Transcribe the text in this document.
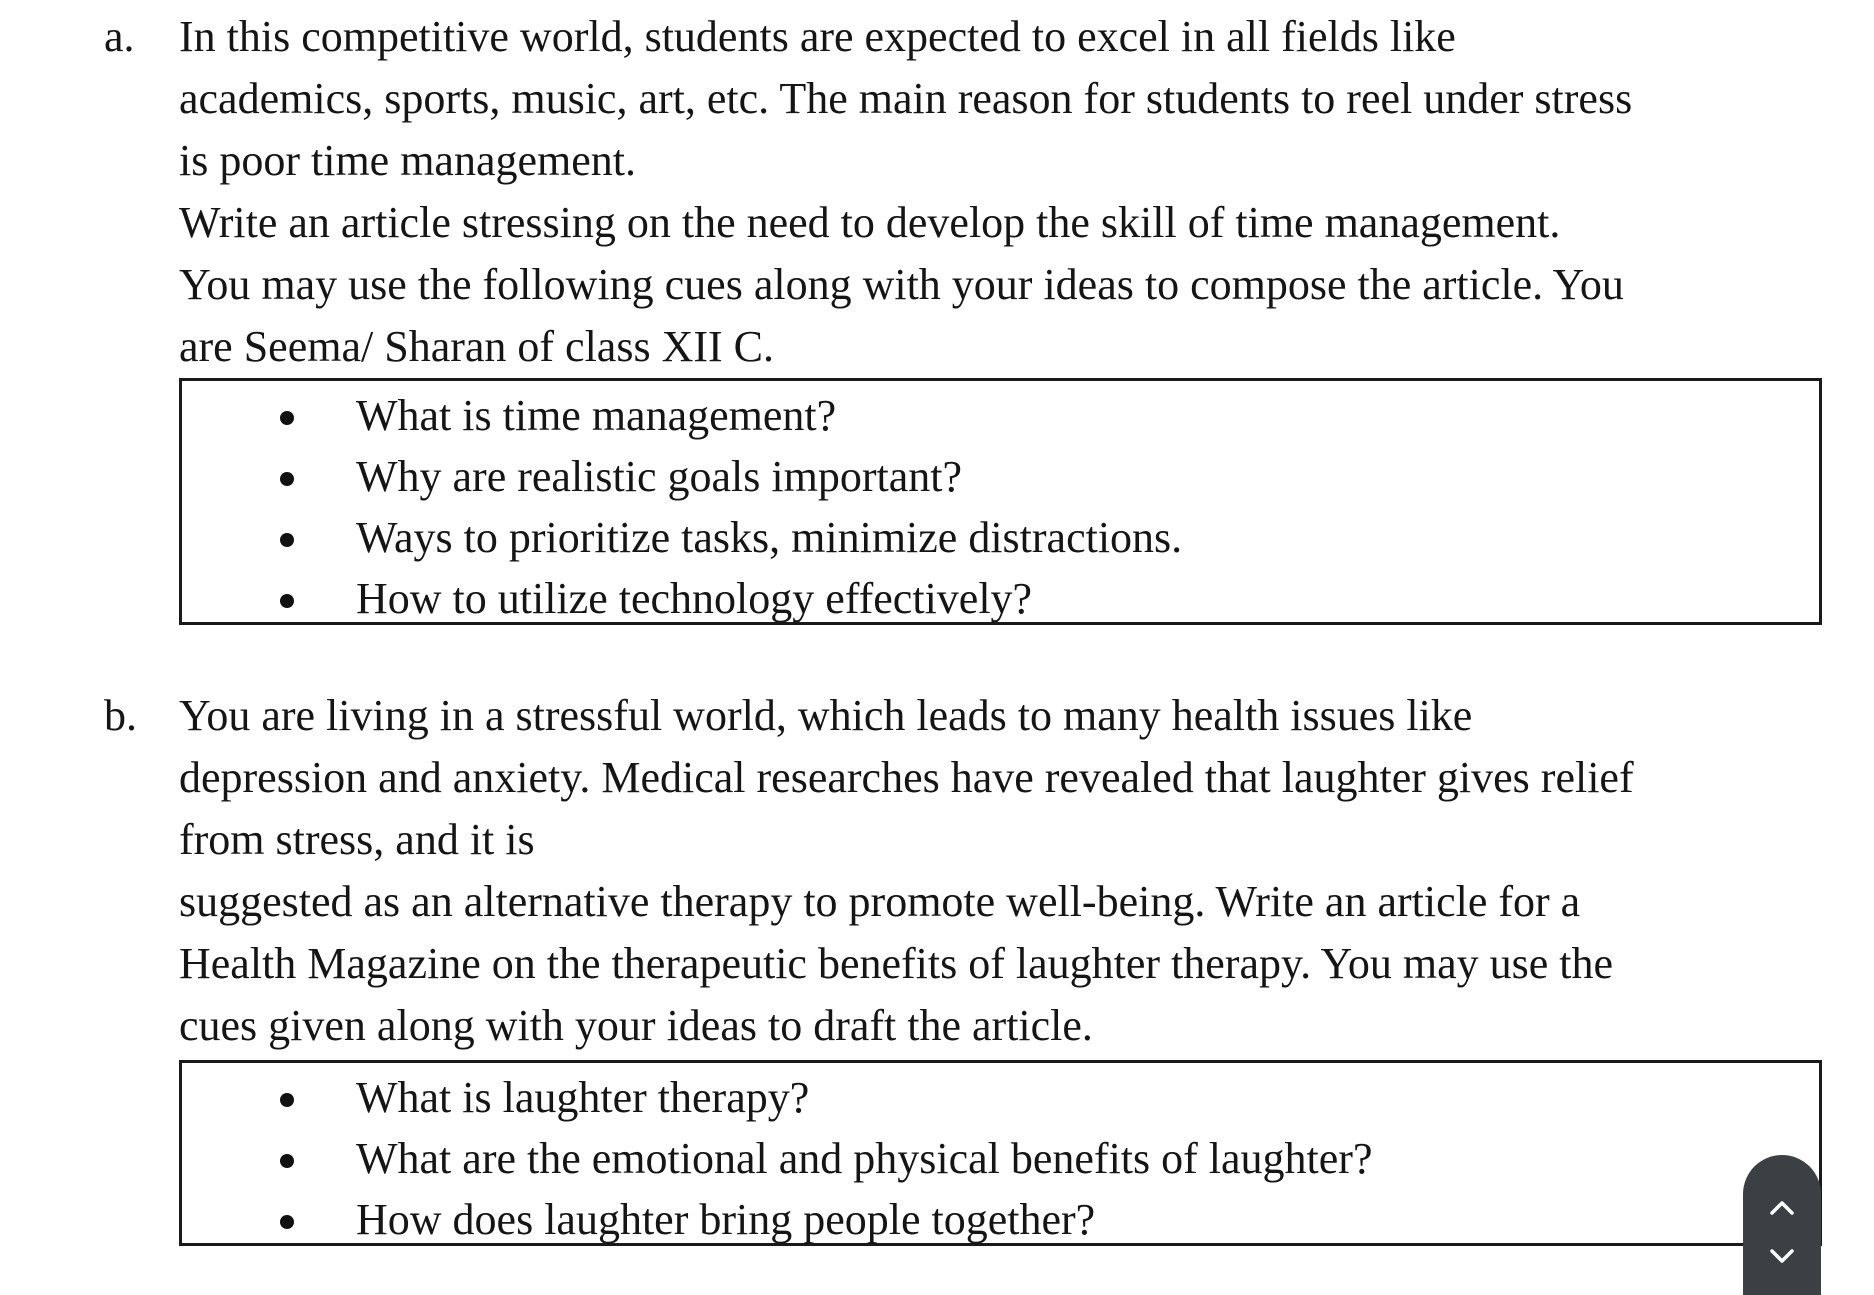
a. In this competitive world, students are expected to excel in all fields like

academics, sports, music, art, etc. The main reason for students to reel under stress

is poor time management.

Write an article stressing on the need to develop the skill of time management.

You may use the following cues along with your ideas to compose the article. You

are Seema/ Sharan of class XII C.

What is time management?
Why are realistic goals important?
Ways to prioritize tasks, minimize distractions.
How to utilize technology effectively?
b. You are living in a stressful world, which leads to many health issues like

depression and anxiety. Medical researches have revealed that laughter gives relief

from stress, and it is

suggested as an alternative therapy to promote well-being. Write an article for a

Health Magazine on the therapeutic benefits of laughter therapy. You may use the

cues given along with your ideas to draft the article.

What is laughter therapy?
What are the emotional and physical benefits of laughter?
How does laughter bring people together?
